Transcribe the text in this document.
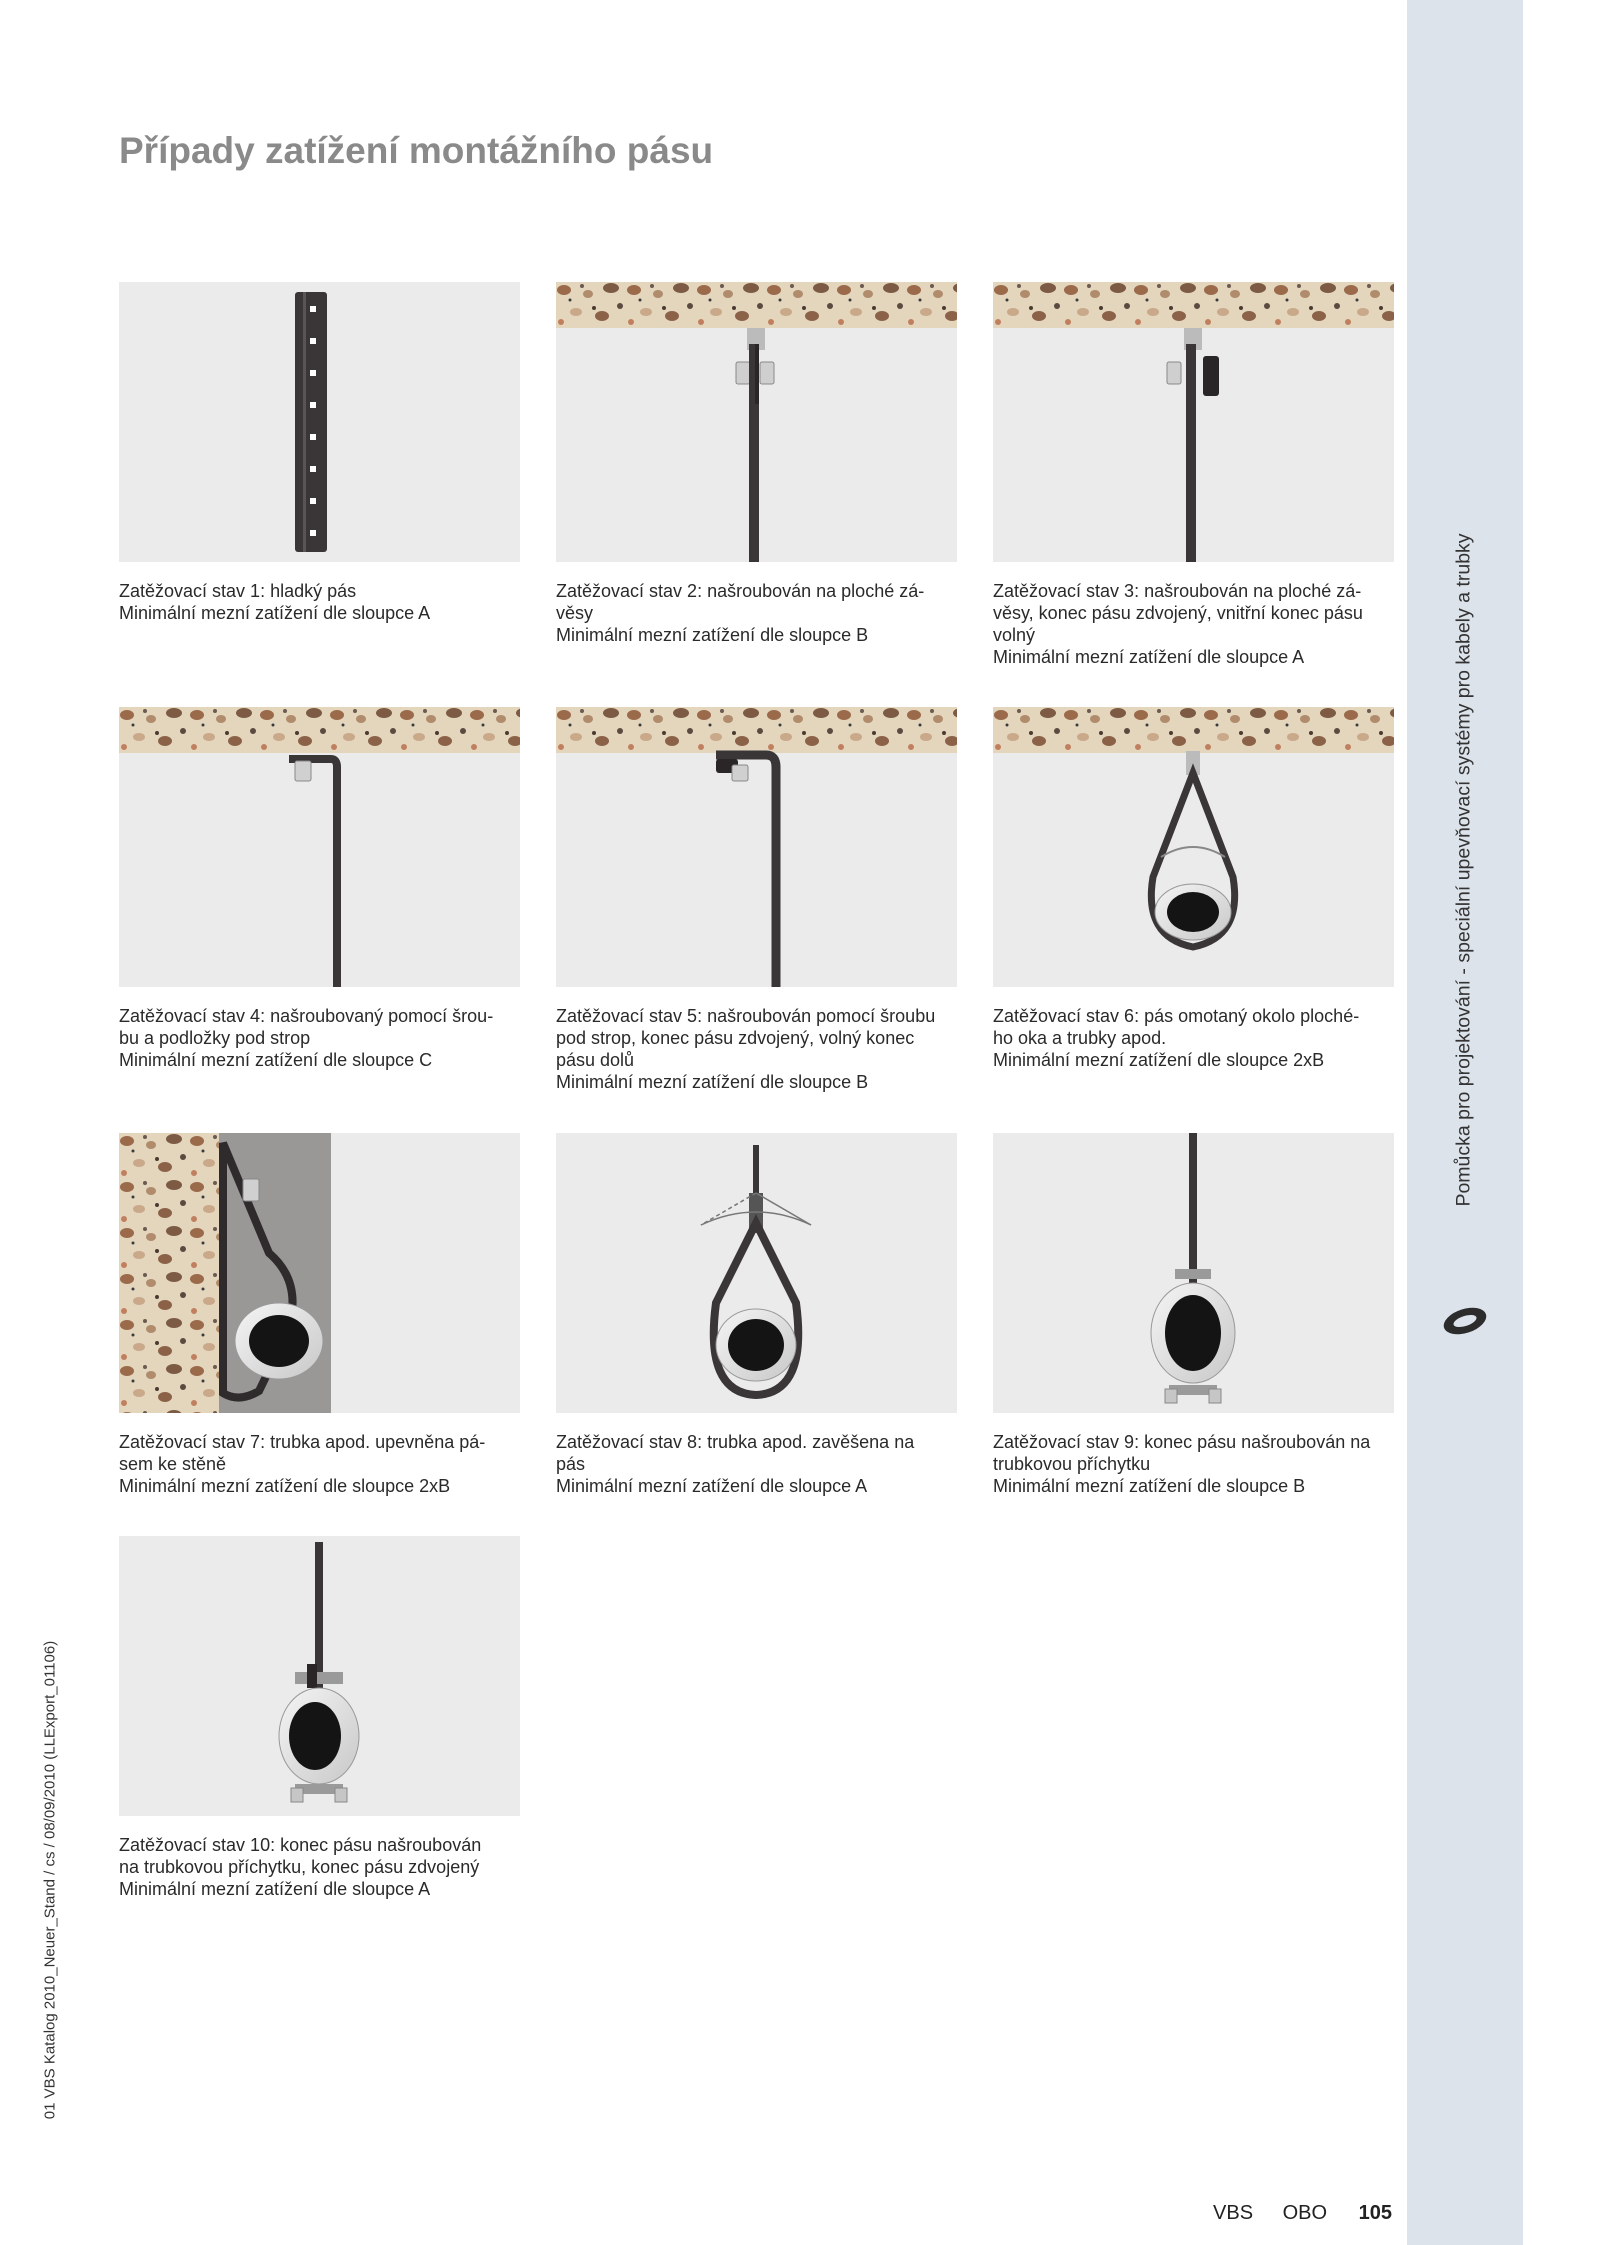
Pomůcka pro projektování - speciální upevňovací systémy pro kabely a trubky
Případy zatížení montážního pásu
Zatěžovací stav 1: hladký pás
Minimální mezní zatížení dle sloupce A
Zatěžovací stav 2: našroubován na ploché zá-
věsy
Minimální mezní zatížení dle sloupce B
Zatěžovací stav 3: našroubován na ploché zá-
věsy, konec pásu zdvojený, vnitřní konec pásu
volný
Minimální mezní zatížení dle sloupce A
Zatěžovací stav 4: našroubovaný pomocí šrou-
bu a podložky pod strop
Minimální mezní zatížení dle sloupce C
Zatěžovací stav 5: našroubován pomocí šroubu
pod strop, konec pásu zdvojený, volný konec
pásu dolů
Minimální mezní zatížení dle sloupce B
Zatěžovací stav 6: pás omotaný okolo ploché-
ho oka a trubky apod.
Minimální mezní zatížení dle sloupce 2xB
Zatěžovací stav 7: trubka apod. upevněna pá-
sem ke stěně
Minimální mezní zatížení dle sloupce 2xB
Zatěžovací stav 8: trubka apod. zavěšena na
pás
Minimální mezní zatížení dle sloupce A
Zatěžovací stav 9: konec pásu našroubován na
trubkovou příchytku
Minimální mezní zatížení dle sloupce B
Zatěžovací stav 10: konec pásu našroubován
na trubkovou příchytku, konec pásu zdvojený
Minimální mezní zatížení dle sloupce A
01 VBS Katalog 2010_Neuer_Stand / cs / 08/09/2010 (LLExport_01106)
VBS OBO 105
